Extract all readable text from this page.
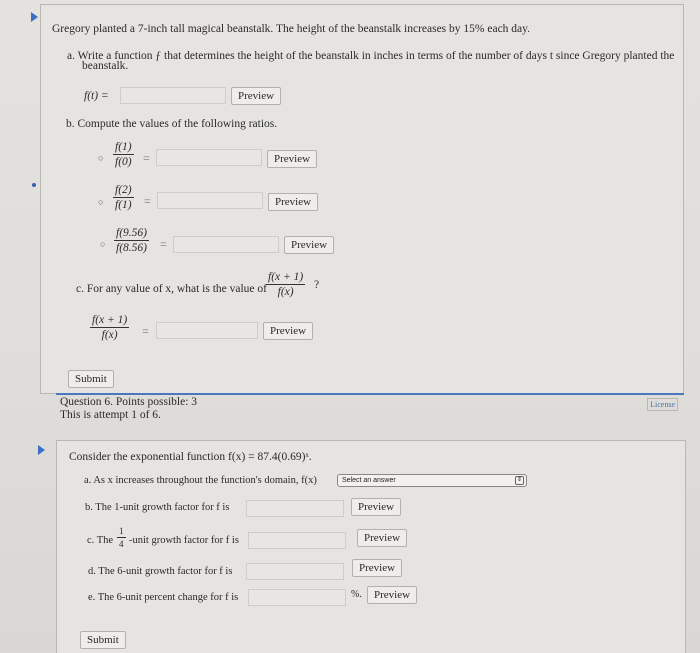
Gregory planted a 7-inch tall magical beanstalk. The height of the beanstalk increases by 15% each day.
a. Write a function ƒ that determines the height of the beanstalk in inches in terms of the number of days t since Gregory planted the
beanstalk.
f(t) =	Preview
b. Compute the values of the following ratios.
○
f(1)
f(0) =	Preview
○
f(2)
f(1) =	Preview
○
f(9.56)
f(8.56) =	Preview
c. For any value of x, what is the value of
f(x + 1)
f(x)
?
f(x + 1)
f(x)	=	Preview
Submit
License
Question 6. Points possible: 3
This is attempt 1 of 6.
Consider the exponential function f(x) = 87.4(0.69)ˣ.
a. As x increases throughout the function's domain, f(x)	Select an answer	⇕
b. The 1-unit growth factor for f is	Preview
c. The
1
4 -unit growth factor for f is	Preview
d. The 6-unit growth factor for f is	Preview
e. The 6-unit percent change for f is	%.	Preview
Submit
